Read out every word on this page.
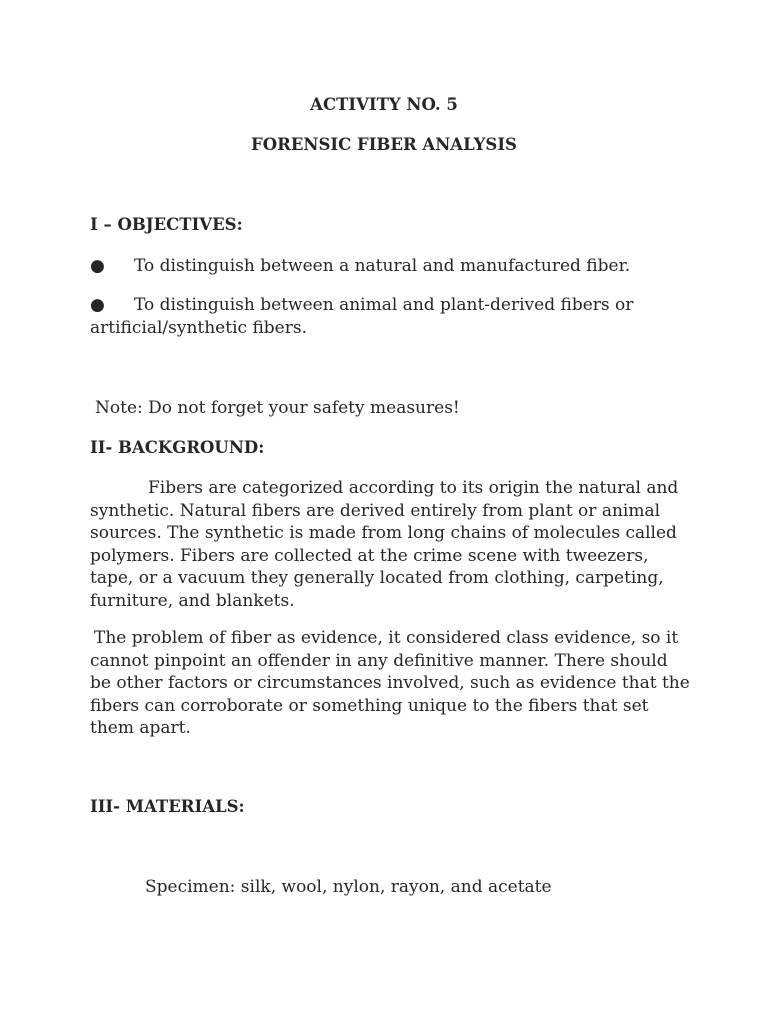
ACTIVITY NO. 5
FORENSIC FIBER ANALYSIS
I – OBJECTIVES:
● To distinguish between a natural and manufactured fiber.
● To distinguish between animal and plant-derived fibers or artificial/synthetic fibers.
Note: Do not forget your safety measures!
II- BACKGROUND:
Fibers are categorized according to its origin the natural and synthetic. Natural fibers are derived entirely from plant or animal sources. The synthetic is made from long chains of molecules called polymers. Fibers are collected at the crime scene with tweezers, tape, or a vacuum they generally located from clothing, carpeting, furniture, and blankets.
The problem of fiber as evidence, it considered class evidence, so it cannot pinpoint an offender in any definitive manner. There should be other factors or circumstances involved, such as evidence that the fibers can corroborate or something unique to the fibers that set them apart.
III- MATERIALS:
Specimen: silk, wool, nylon, rayon, and acetate
